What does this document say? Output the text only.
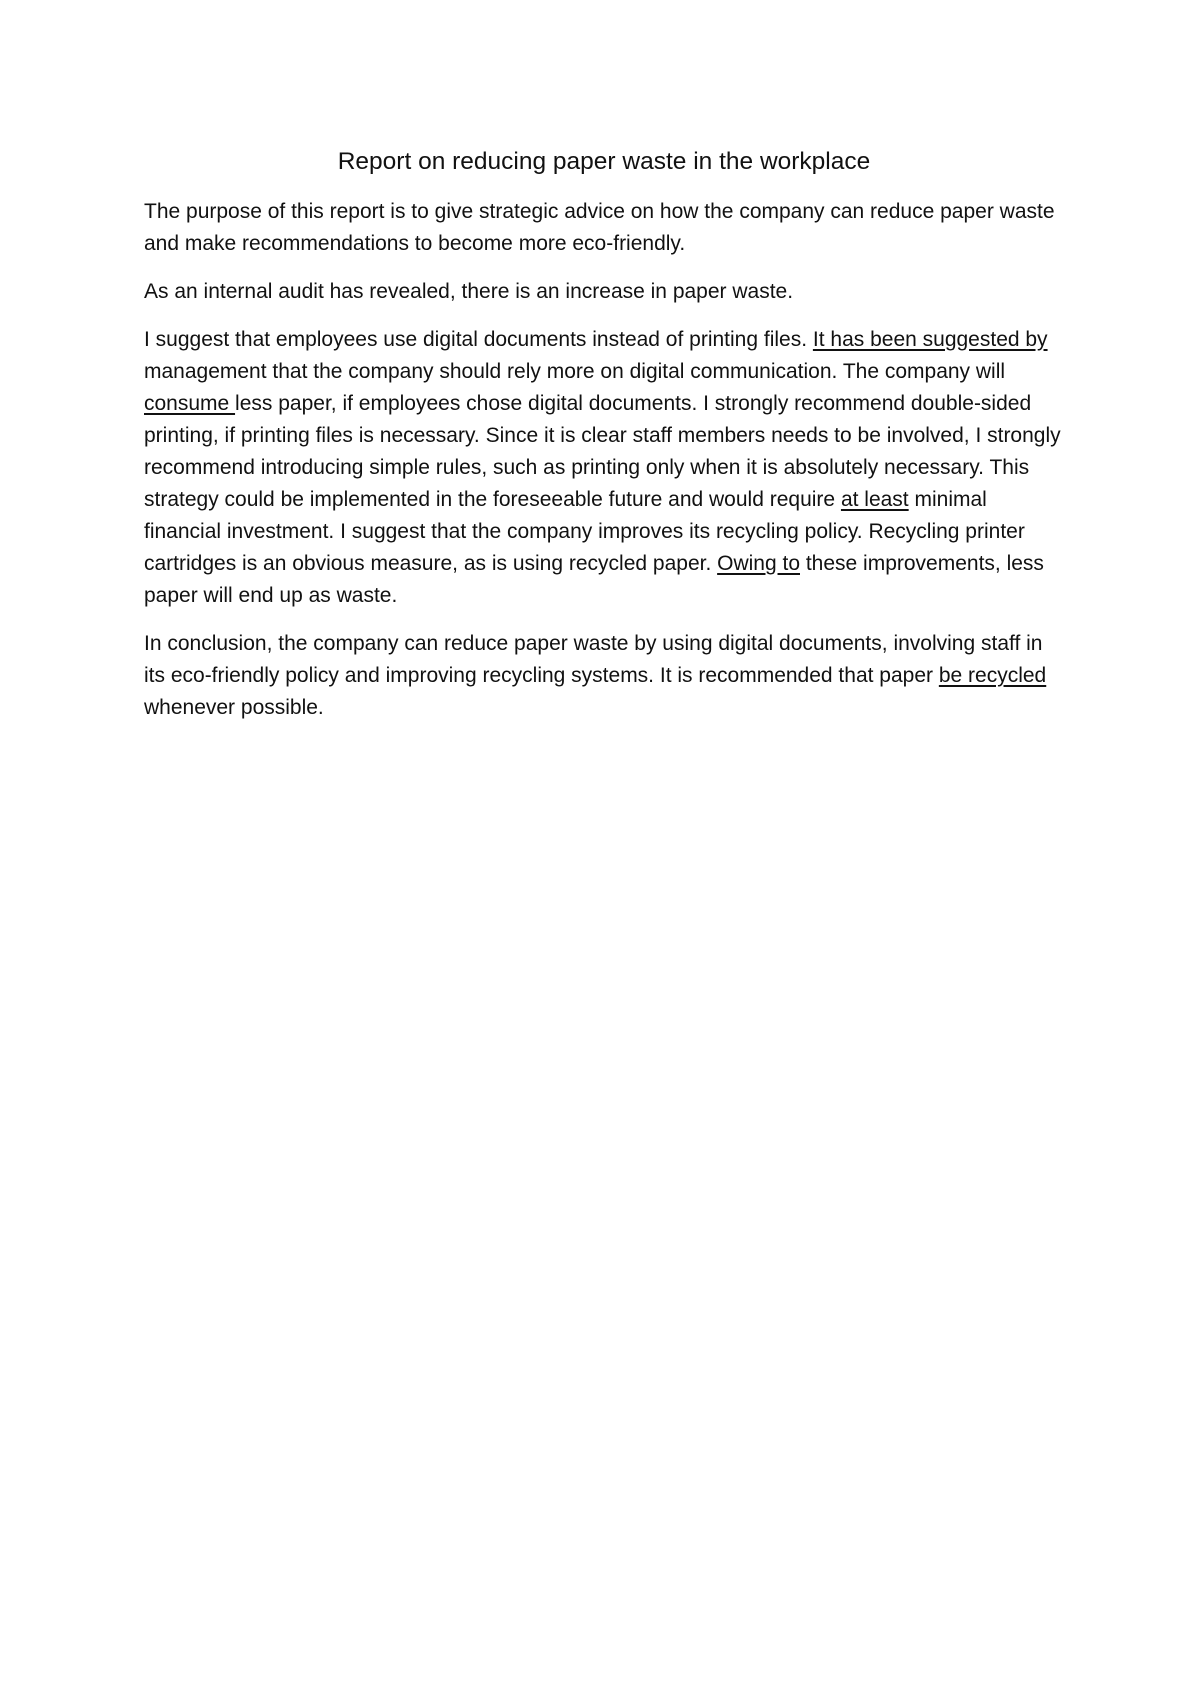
Report on reducing paper waste in the workplace

The purpose of this report is to give strategic advice on how the company can reduce paper waste and make recommendations to become more eco-friendly.

As an internal audit has revealed, there is an increase in paper waste.

I suggest that employees use digital documents instead of printing files. It has been suggested by management that the company should rely more on digital communication. The company will consume less paper, if employees chose digital documents. I strongly recommend double-sided printing, if printing files is necessary. Since it is clear staff members needs to be involved, I strongly recommend introducing simple rules, such as printing only when it is absolutely necessary. This strategy could be implemented in the foreseeable future and would require at least minimal financial investment. I suggest that the company improves its recycling policy. Recycling printer cartridges is an obvious measure, as is using recycled paper. Owing to these improvements, less paper will end up as waste.

In conclusion, the company can reduce paper waste by using digital documents, involving staff in its eco-friendly policy and improving recycling systems. It is recommended that paper be recycled whenever possible.
